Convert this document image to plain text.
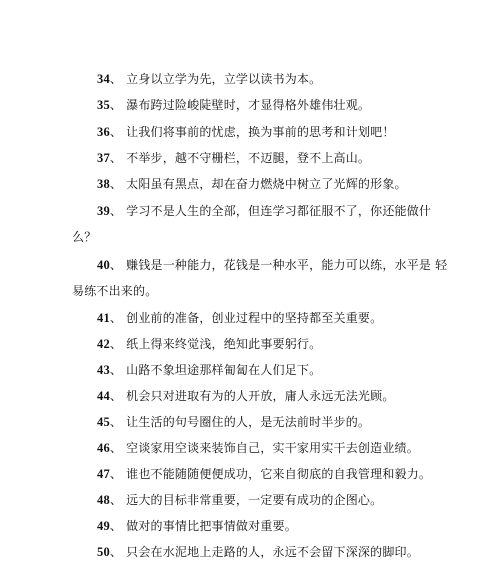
34、 立身以立学为先，立学以读书为本。
35、 瀑布跨过险峻陡壁时，才显得格外雄伟壮观。
36、 让我们将事前的忧虑，换为事前的思考和计划吧！
37、 不举步，越不守栅栏，不迈腿，登不上高山。
38、 太阳虽有黑点，却在奋力燃烧中树立了光辉的形象。
39、 学习不是人生的全部，但连学习都征服不了，你还能做什
么？
40、 赚钱是一种能力，花钱是一种水平，能力可以练，水平是 轻
易练不出来的。
41、 创业前的准备，创业过程中的坚持都至关重要。
42、 纸上得来终觉浅，绝知此事要躬行。
43、 山路不象坦途那样匍匐在人们足下。
44、 机会只对进取有为的人开放，庸人永远无法光顾。
45、 让生活的句号圈住的人，是无法前时半步的。
46、 空谈家用空谈来装饰自己，实干家用实干去创造业绩。
47、 谁也不能随随便便成功，它来自彻底的自我管理和毅力。
48、 远大的目标非常重要，一定要有成功的企图心。
49、 做对的事情比把事情做对重要。
50、 只会在水泥地上走路的人，永远不会留下深深的脚印。
